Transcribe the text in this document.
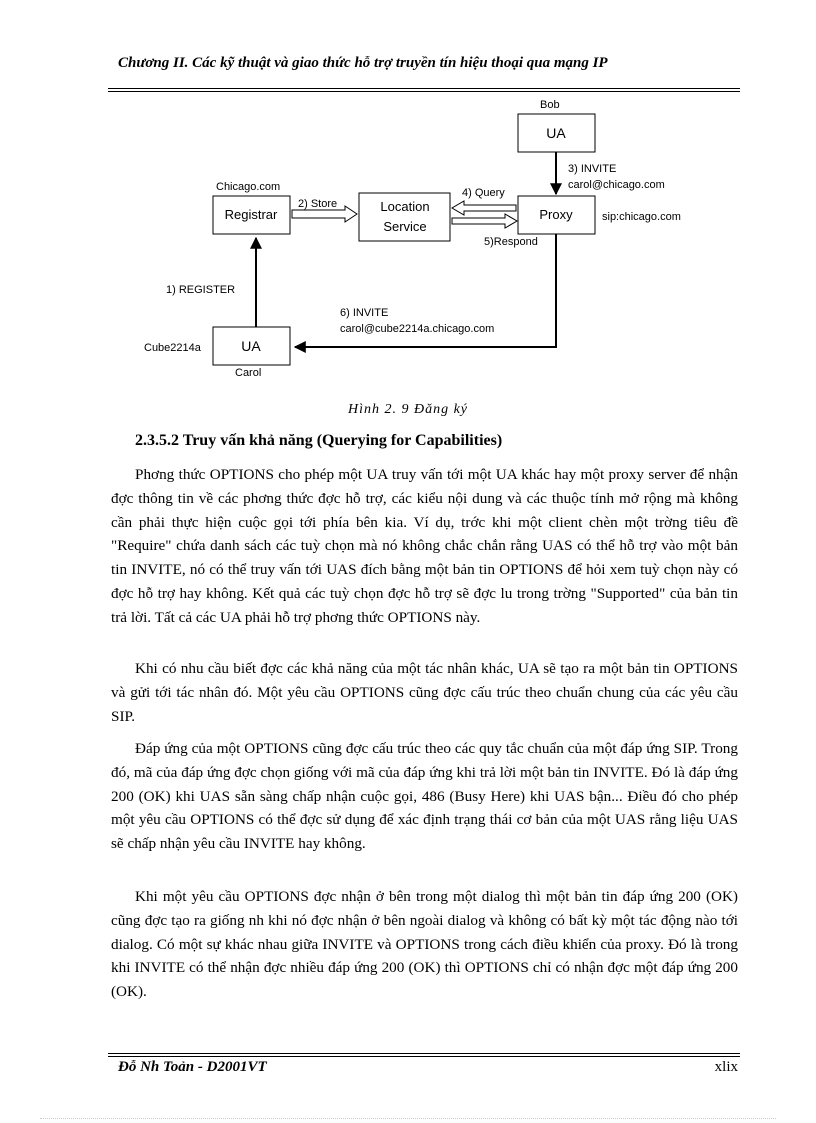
Chương II. Các kỹ thuật và giao thức hỗ trợ truyền tín hiệu thoại qua mạng IP
Bob
UA
3) INVITE
carol@chicago.com
Chicago.com
Registrar
2) Store	Location
Service
4) Query
5)Respond
Proxy	sip:chicago.com
1) REGISTER
6) INVITE
carol@cube2214a.chicago.com
Cube2214a	UA
Carol
Hình 2. 9 Đăng ký
2.3.5.2 Truy vấn khả năng (Querying for Capabilities)

Phơng thức OPTIONS cho phép một UA truy vấn tới một UA khác hay một proxy server để nhận đợc thông tin về các phơng thức đợc hỗ trợ, các kiểu nội dung và các thuộc tính mở rộng mà không cần phải thực hiện cuộc gọi tới phía bên kia. Ví dụ, trớc khi một client chèn một trờng tiêu đề "Require" chứa danh sách các tuỳ chọn mà nó không chắc chắn rằng UAS có thể hỗ trợ vào một bản tin INVITE, nó có thể truy vấn tới UAS đích bằng một bản tin OPTIONS để hỏi xem tuỳ chọn này có đợc hỗ trợ hay không. Kết quả các tuỳ chọn đợc hỗ trợ sẽ đợc lu trong trờng "Supported" của bản tin trả lời. Tất cả các UA phải hỗ trợ phơng thức OPTIONS này.

Khi có nhu cầu biết đợc các khả năng của một tác nhân khác, UA sẽ tạo ra một bản tin OPTIONS và gửi tới tác nhân đó. Một yêu cầu OPTIONS cũng đợc cấu trúc theo chuẩn chung của các yêu cầu SIP.

Đáp ứng của một OPTIONS cũng đợc cấu trúc theo các quy tắc chuẩn của một đáp ứng SIP. Trong đó, mã của đáp ứng đợc chọn giống với mã của đáp ứng khi trả lời một bản tin INVITE. Đó là đáp ứng 200 (OK) khi UAS sẵn sàng chấp nhận cuộc gọi, 486 (Busy Here) khi UAS bận... Điều đó cho phép một yêu cầu OPTIONS có thể đợc sử dụng để xác định trạng thái cơ bản của một UAS rằng liệu UAS sẽ chấp nhận yêu cầu INVITE hay không.

Khi một yêu cầu OPTIONS đợc nhận ở bên trong một dialog thì một bản tin đáp ứng 200 (OK) cũng đợc tạo ra giống nh khi nó đợc nhận ở bên ngoài dialog và không có bất kỳ một tác động nào tới dialog. Có một sự khác nhau giữa INVITE và OPTIONS trong cách điều khiển của proxy. Đó là trong khi INVITE có thể nhận đợc nhiều đáp ứng 200 (OK) thì OPTIONS chỉ có nhận đợc một đáp ứng 200 (OK).

Đỗ Nh Toản - D2001VT	xlix
